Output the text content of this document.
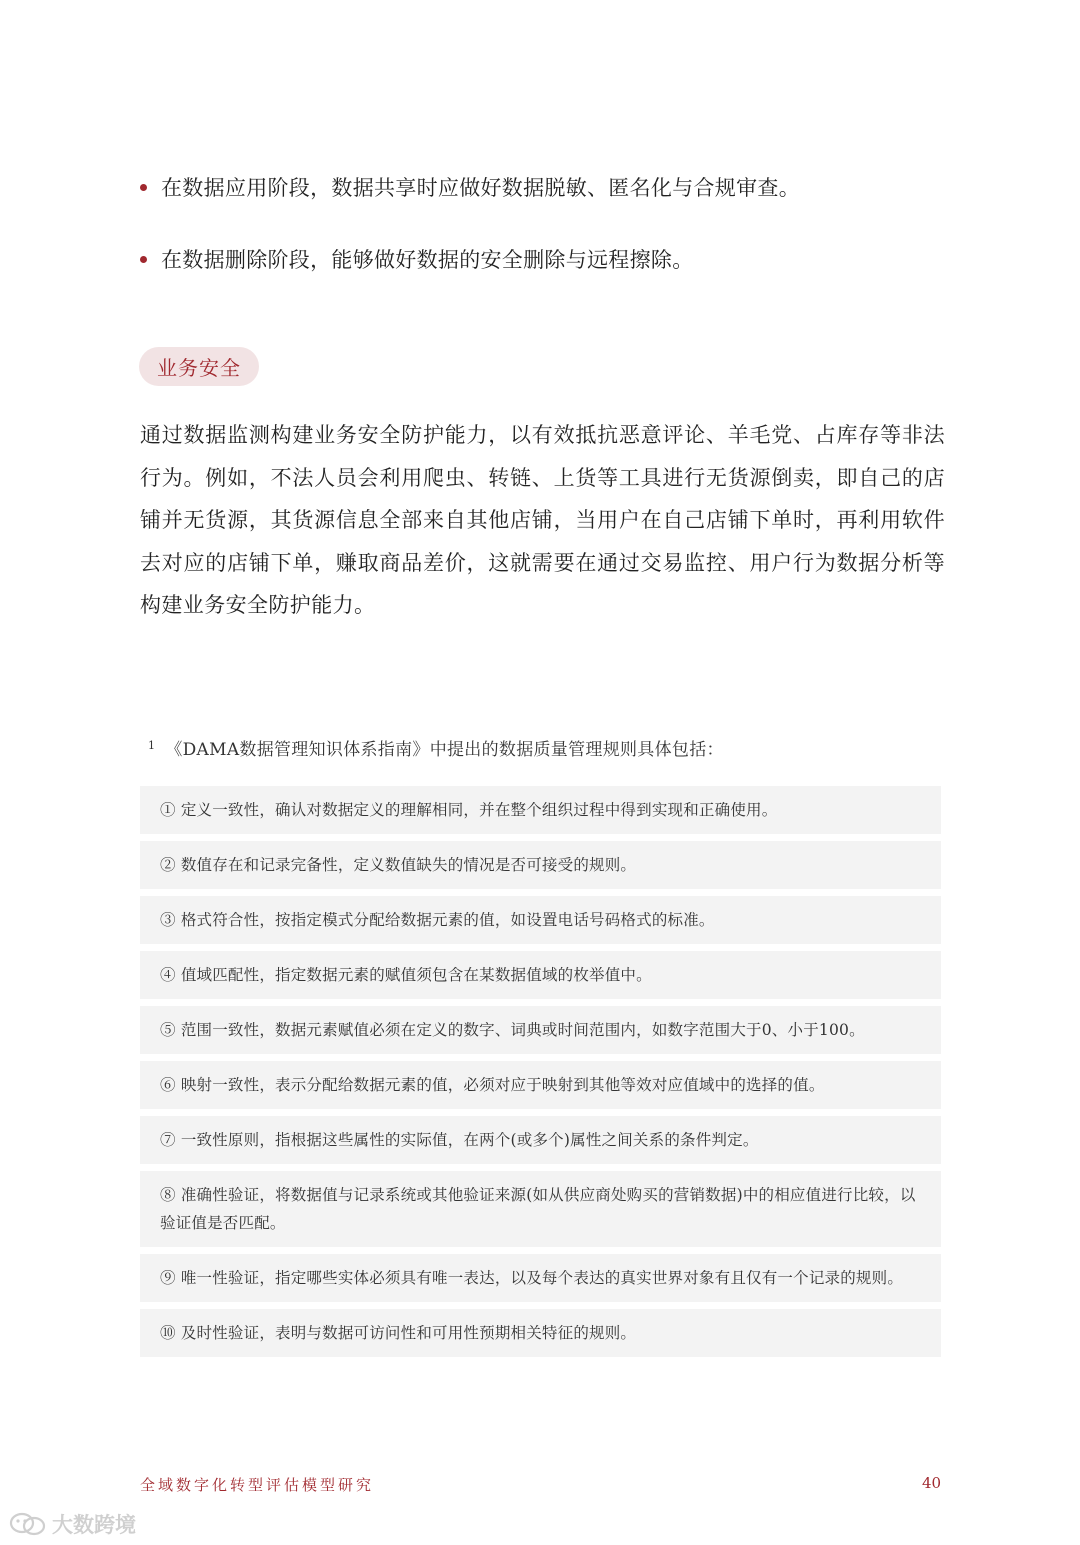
在数据应用阶段，数据共享时应做好数据脱敏、匿名化与合规审查。
在数据删除阶段，能够做好数据的安全删除与远程擦除。
业务安全
通过数据监测构建业务安全防护能力，以有效抵抗恶意评论、羊毛党、占库存等非法行为。例如，不法人员会利用爬虫、转链、上货等工具进行无货源倒卖，即自己的店铺并无货源，其货源信息全部来自其他店铺，当用户在自己店铺下单时，再利用软件去对应的店铺下单，赚取商品差价，这就需要在通过交易监控、用户行为数据分析等构建业务安全防护能力。
$^1$ 《DAMA数据管理知识体系指南》中提出的数据质量管理规则具体包括：
① 定义一致性，确认对数据定义的理解相同，并在整个组织过程中得到实现和正确使用。
② 数值存在和记录完备性，定义数值缺失的情况是否可接受的规则。
③ 格式符合性，按指定模式分配给数据元素的值，如设置电话号码格式的标准。
④ 值域匹配性，指定数据元素的赋值须包含在某数据值域的枚举值中。
⑤ 范围一致性，数据元素赋值必须在定义的数字、词典或时间范围内，如数字范围大于0、小于100。
⑥ 映射一致性，表示分配给数据元素的值，必须对应于映射到其他等效对应值域中的选择的值。
⑦ 一致性原则，指根据这些属性的实际值，在两个(或多个)属性之间关系的条件判定。
⑧ 准确性验证，将数据值与记录系统或其他验证来源(如从供应商处购买的营销数据)中的相应值进行比较，以验证值是否匹配。
⑨ 唯一性验证，指定哪些实体必须具有唯一表达，以及每个表达的真实世界对象有且仅有一个记录的规则。
⑩ 及时性验证，表明与数据可访问性和可用性预期相关特征的规则。
全域数字化转型评估模型研究	40
大数跨境
